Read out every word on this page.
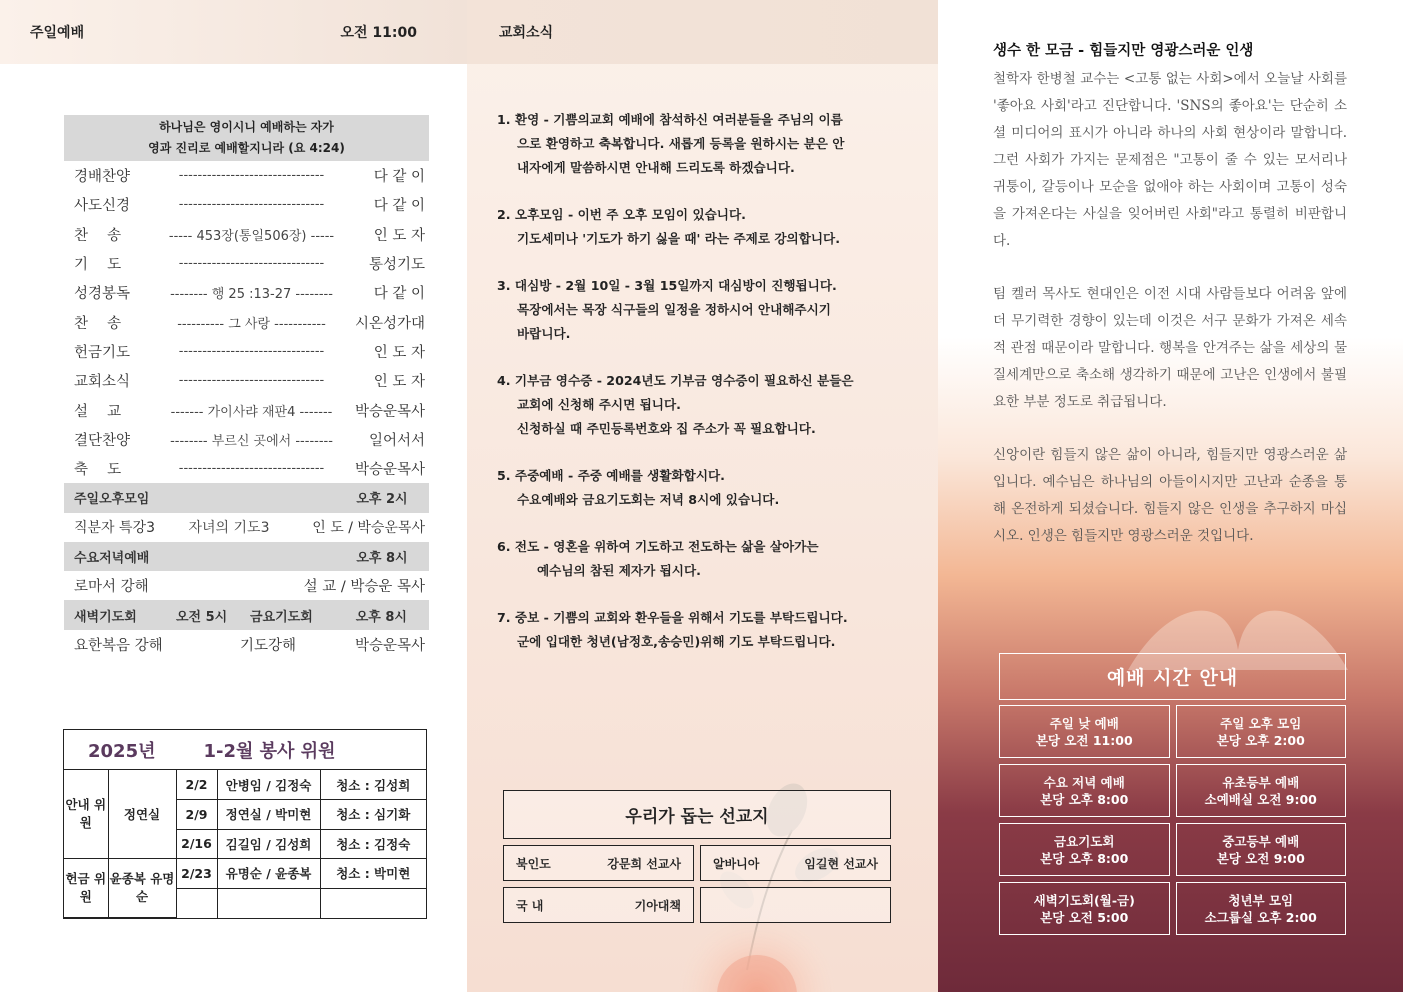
주일예배	오전 11:00
하나님은 영이시니 예배하는 자가
영과 진리로 예배할지니라 (요 4:24)
경배찬양	-------------------------------	다 같 이
사도신경	-------------------------------	다 같 이
찬　 송	----- 453장(통일506장) -----	인 도 자
기　 도	-------------------------------	통성기도
성경봉독	-------- 행 25 :13-27 --------	다 같 이
찬　 송	---------- 그 사랑 -----------	시온성가대
헌금기도	-------------------------------	인 도 자
교회소식	-------------------------------	인 도 자
설　 교	------- 가이사랴 재판4 -------	박승운목사
결단찬양	-------- 부르신 곳에서 --------	일어서서
축　 도	-------------------------------	박승운목사
주일오후모임	오후 2시
직분자 특강3	자녀의 기도3	인 도 / 박승운목사
수요저녁예배	오후 8시
로마서 강해	설 교 / 박승운 목사
새벽기도회	오전 5시	금요기도회	오후 8시
요한복음 강해	기도강해	박승운목사
2025년	1-2월 봉사 위원
안내 위원	정연실	2/2	안병임 / 김정숙	청소 : 김성희
		2/9	정연실 / 박미현	청소 : 심기화
		2/16	김길임 / 김성희	청소 : 김정숙
헌금 위원	윤종복 유명순	2/23	유명순 / 윤종복	청소 : 박미현

교회소식
1. 환영 - 기쁨의교회 예배에 참석하신 여러분들을 주님의 이름
으로 환영하고 축복합니다. 새롭게 등록을 원하시는 분은 안
내자에게 말씀하시면 안내해 드리도록 하겠습니다.
2. 오후모임 - 이번 주 오후 모임이 있습니다.
기도세미나 '기도가 하기 싫을 때' 라는 주제로 강의합니다.
3. 대심방 - 2월 10일 - 3월 15일까지 대심방이 진행됩니다.
목장에서는 목장 식구들의 일정을 정하시어 안내해주시기
바랍니다.
4. 기부금 영수증 - 2024년도 기부금 영수증이 필요하신 분들은
교회에 신청해 주시면 됩니다.
신청하실 때 주민등록번호와 집 주소가 꼭 필요합니다.
5. 주중예배 - 주중 예배를 생활화합시다.
수요예배와 금요기도회는 저녁 8시에 있습니다.
6. 전도 - 영혼을 위하여 기도하고 전도하는 삶을 살아가는
예수님의 참된 제자가 됩시다.
7. 중보 - 기쁨의 교회와 환우들을 위해서 기도를 부탁드립니다.
군에 입대한 청년(남정호,송승민)위해 기도 부탁드립니다.
우리가 돕는 선교지
북인도	강문희 선교사	알바니아	임길현 선교사
국 내	기아대책
생수 한 모금 - 힘들지만 영광스러운 인생

철학자 한병철 교수는 <고통 없는 사회>에서 오늘날 사회를 '좋아요 사회'라고 진단합니다. 'SNS의 좋아요'는 단순히 소셜 미디어의 표시가 아니라 하나의 사회 현상이라 말합니다. 그런 사회가 가지는 문제점은 "고통이 줄 수 있는 모서리나 귀퉁이, 갈등이나 모순을 없애야 하는 사회이며 고통이 성숙을 가져온다는 사실을 잊어버린 사회"라고 통렬히 비판합니다.

팀 켈러 목사도 현대인은 이전 시대 사람들보다 어려움 앞에 더 무기력한 경향이 있는데 이것은 서구 문화가 가져온 세속적 관점 때문이라 말합니다. 행복을 안겨주는 삶을 세상의 물질세계만으로 축소해 생각하기 때문에 고난은 인생에서 불필요한 부분 정도로 취급됩니다.

신앙이란 힘들지 않은 삶이 아니라, 힘들지만 영광스러운 삶입니다. 예수님은 하나님의 아들이시지만 고난과 순종을 통해 온전하게 되셨습니다. 힘들지 않은 인생을 추구하지 마십시오. 인생은 힘들지만 영광스러운 것입니다.

예배 시간 안내
주일 낮 예배
본당 오전 11:00
주일 오후 모임
본당 오후 2:00
수요 저녁 예배
본당 오후 8:00
유초등부 예배
소예배실 오전 9:00
금요기도회
본당 오후 8:00
중고등부 예배
본당 오전 9:00
새벽기도회(월-금)
본당 오전 5:00
청년부 모임
소그룹실 오후 2:00
